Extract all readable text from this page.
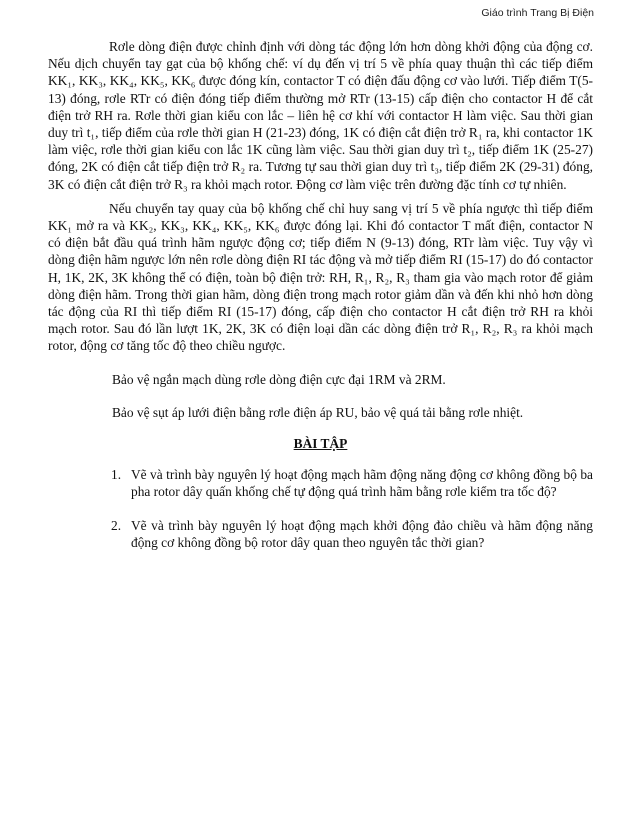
Giáo trình Trang Bị Điện

Rơle dòng điện được chỉnh định với dòng tác động lớn hơn dòng khởi động của động cơ. Nếu dịch chuyển tay gạt của bộ khống chế: ví dụ đến vị trí 5 về phía quay thuận thì các tiếp điểm KK₁, KK₃, KK₄, KK₅, KK₆ được đóng kín, contactor T có điện đấu động cơ vào lưới. Tiếp điểm T(5-13) đóng, rơle RTr có điện đóng tiếp điểm thường mở RTr (13-15) cấp điện cho contactor H để cắt điện trở RH ra. Rơle thời gian kiểu con lắc – liên hệ cơ khí với contactor H làm việc. Sau thời gian duy trì t₁, tiếp điểm của rơle thời gian H (21-23) đóng, 1K có điện cắt điện trở R₁ ra, khi contactor 1K làm việc, rơle thời gian kiểu con lắc 1K cũng làm việc. Sau thời gian duy trì t₂, tiếp điểm 1K (25-27) đóng, 2K có điện cắt tiếp điện trở R₂ ra. Tương tự sau thời gian duy trì t₃, tiếp điểm 2K (29-31) đóng, 3K có điện cắt điện trở R₃ ra khỏi mạch rotor. Động cơ làm việc trên đường đặc tính cơ tự nhiên.

Nếu chuyển tay quay của bộ khống chế chỉ huy sang vị trí 5 về phía ngược thì tiếp điểm KK₁ mở ra và KK₂, KK₃, KK₄, KK₅, KK₆ được đóng lại. Khi đó contactor T mất điện, contactor N có điện bắt đầu quá trình hãm ngược động cơ; tiếp điểm N (9-13) đóng, RTr làm việc. Tuy vậy vì dòng điện hãm ngược lớn nên rơle dòng điện RI tác động và mở tiếp điểm RI (15-17) do đó contactor H, 1K, 2K, 3K không thể có điện, toàn bộ điện trở: RH, R₁, R₂, R₃ tham gia vào mạch rotor để giảm dòng điện hãm. Trong thời gian hãm, dòng điện trong mạch rotor giảm dần và đến khi nhỏ hơn dòng tác động của RI thì tiếp điểm RI (15-17) đóng, cấp điện cho contactor H cắt điện trở RH ra khỏi mạch rotor. Sau đó lần lượt 1K, 2K, 3K có điện loại dần các dòng điện trở R₁, R₂, R₃ ra khỏi mạch rotor, động cơ tăng tốc độ theo chiều ngược.

Bảo vệ ngắn mạch dùng rơle dòng điện cực đại 1RM và 2RM.

Bảo vệ sụt áp lưới điện bằng rơle điện áp RU, bảo vệ quá tải bằng rơle nhiệt.

BÀI TẬP

1. Vẽ và trình bày nguyên lý hoạt động mạch hãm động năng động cơ không đồng bộ ba pha rotor dây quấn khống chế tự động quá trình hãm bằng rơle kiểm tra tốc độ?
2. Vẽ và trình bày nguyên lý hoạt động mạch khởi động đảo chiều và hãm động năng động cơ không đồng bộ rotor dây quan theo nguyên tắc thời gian?
